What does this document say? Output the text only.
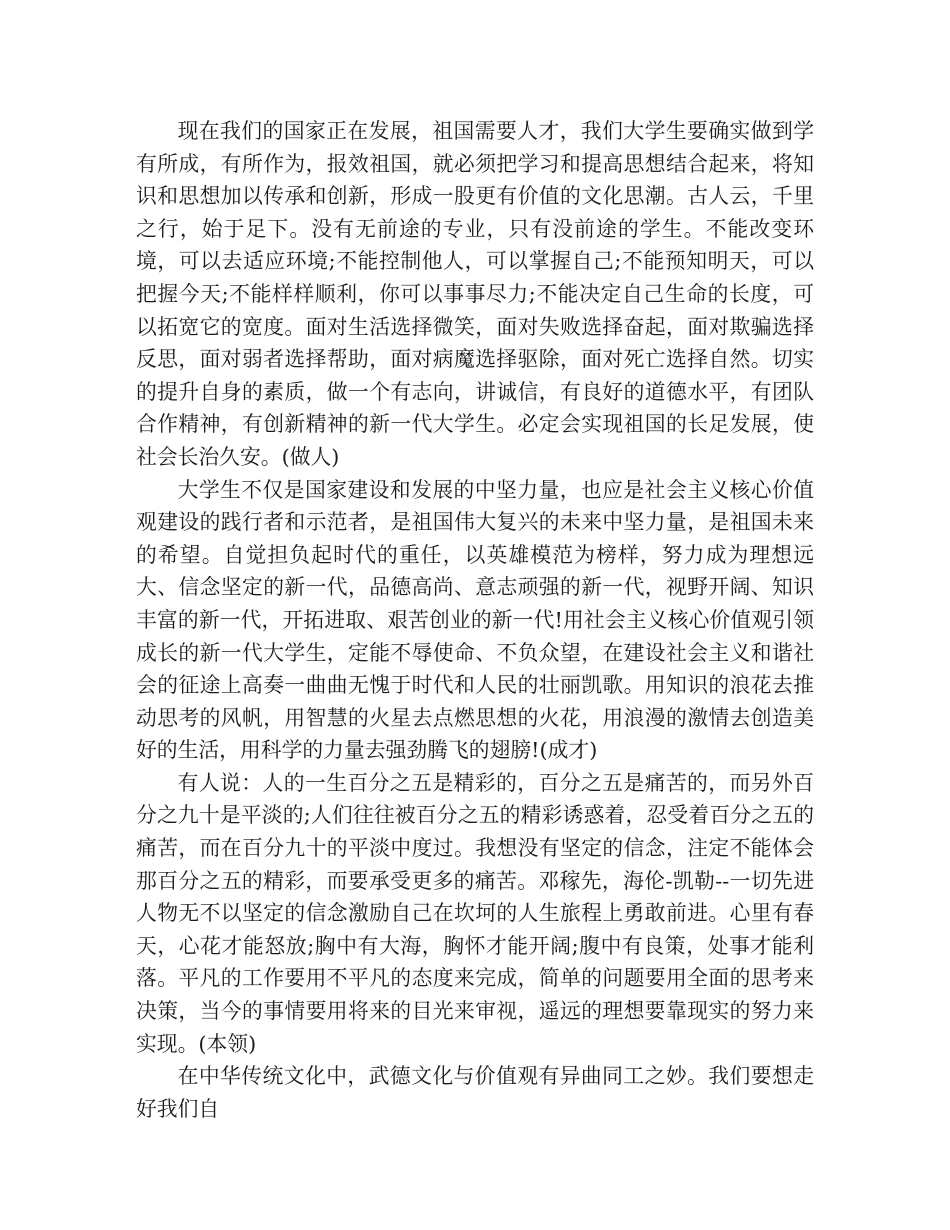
现在我们的国家正在发展，祖国需要人才，我们大学生要确实做到学有所成，有所作为，报效祖国，就必须把学习和提高思想结合起来，将知识和思想加以传承和创新，形成一股更有价值的文化思潮。古人云，千里之行，始于足下。没有无前途的专业，只有没前途的学生。不能改变环境，可以去适应环境;不能控制他人，可以掌握自己;不能预知明天，可以把握今天;不能样样顺利，你可以事事尽力;不能决定自己生命的长度，可以拓宽它的宽度。面对生活选择微笑，面对失败选择奋起，面对欺骗选择反思，面对弱者选择帮助，面对病魔选择驱除，面对死亡选择自然。切实的提升自身的素质，做一个有志向，讲诚信，有良好的道德水平，有团队合作精神，有创新精神的新一代大学生。必定会实现祖国的长足发展，使社会长治久安。(做人)

大学生不仅是国家建设和发展的中坚力量，也应是社会主义核心价值观建设的践行者和示范者，是祖国伟大复兴的未来中坚力量，是祖国未来的希望。自觉担负起时代的重任，以英雄模范为榜样，努力成为理想远大、信念坚定的新一代，品德高尚、意志顽强的新一代，视野开阔、知识丰富的新一代，开拓进取、艰苦创业的新一代!用社会主义核心价值观引领成长的新一代大学生，定能不辱使命、不负众望，在建设社会主义和谐社会的征途上高奏一曲曲无愧于时代和人民的壮丽凯歌。用知识的浪花去推动思考的风帆，用智慧的火星去点燃思想的火花，用浪漫的激情去创造美好的生活，用科学的力量去强劲腾飞的翅膀!(成才)

有人说：人的一生百分之五是精彩的，百分之五是痛苦的，而另外百分之九十是平淡的;人们往往被百分之五的精彩诱惑着，忍受着百分之五的痛苦，而在百分九十的平淡中度过。我想没有坚定的信念，注定不能体会那百分之五的精彩，而要承受更多的痛苦。邓稼先，海伦-凯勒--一切先进人物无不以坚定的信念激励自己在坎坷的人生旅程上勇敢前进。心里有春天，心花才能怒放;胸中有大海，胸怀才能开阔;腹中有良策，处事才能利落。平凡的工作要用不平凡的态度来完成，简单的问题要用全面的思考来决策，当今的事情要用将来的目光来审视，遥远的理想要靠现实的努力来实现。(本领)

在中华传统文化中，武德文化与价值观有异曲同工之妙。我们要想走好我们自
